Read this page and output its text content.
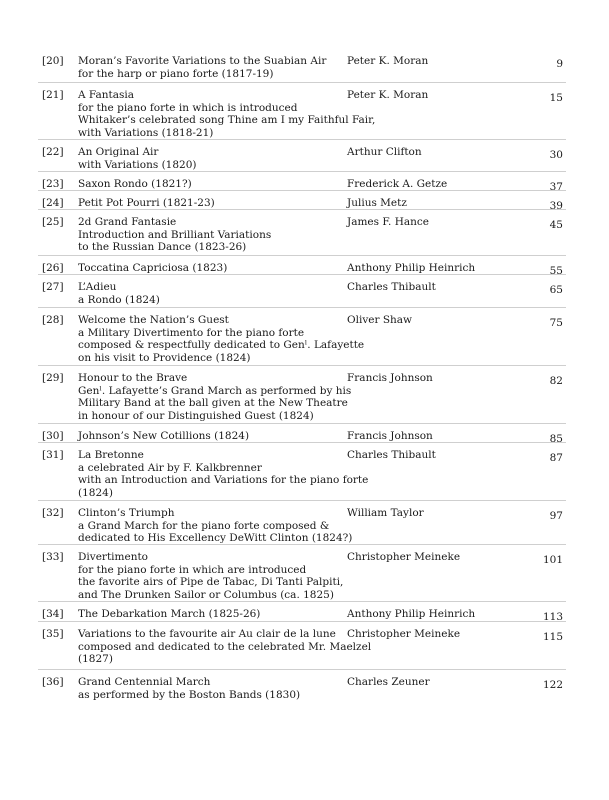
[20] Moran’s Favorite Variations to the Suabian Air
for the harp or piano forte (1817-19)
Peter K. Moran	9
[21] A Fantasia
for the piano forte in which is introduced
Whitaker’s celebrated song Thine am I my Faithful Fair,
with Variations (1818-21)
Peter K. Moran	15
[22] An Original Air
with Variations (1820)
Arthur Clifton	30
[23] Saxon Rondo (1821?)	Frederick A. Getze	37
[24] Petit Pot Pourri (1821-23)	Julius Metz	39
[25] 2d Grand Fantasie
Introduction and Brilliant Variations
to the Russian Dance (1823-26)
James F. Hance	45
[26] Toccatina Capriciosa (1823)	Anthony Philip Heinrich	55
[27] L’Adieu
a Rondo (1824)
Charles Thibault	65
[28] Welcome the Nation’s Guest
a Military Divertimento for the piano forte
composed & respectfully dedicated to Genˡ. Lafayette
on his visit to Providence (1824)
Oliver Shaw	75
[29] Honour to the Brave
Genˡ. Lafayette’s Grand March as performed by his
Military Band at the ball given at the New Theatre
in honour of our Distinguished Guest (1824)
Francis Johnson	82
[30] Johnson’s New Cotillions (1824)	Francis Johnson	85
[31] La Bretonne
a celebrated Air by F. Kalkbrenner
with an Introduction and Variations for the piano forte
(1824)
Charles Thibault	87
[32] Clinton’s Triumph
a Grand March for the piano forte composed &
dedicated to His Excellency DeWitt Clinton (1824?)
William Taylor	97
[33] Divertimento
for the piano forte in which are introduced
the favorite airs of Pipe de Tabac, Di Tanti Palpiti,
and The Drunken Sailor or Columbus (ca. 1825)
Christopher Meineke	101
[34] The Debarkation March (1825-26)	Anthony Philip Heinrich	113
[35] Variations to the favourite air Au clair de la lune
composed and dedicated to the celebrated Mr. Maelzel
(1827)
Christopher Meineke	115
[36] Grand Centennial March
as performed by the Boston Bands (1830)
Charles Zeuner	122
